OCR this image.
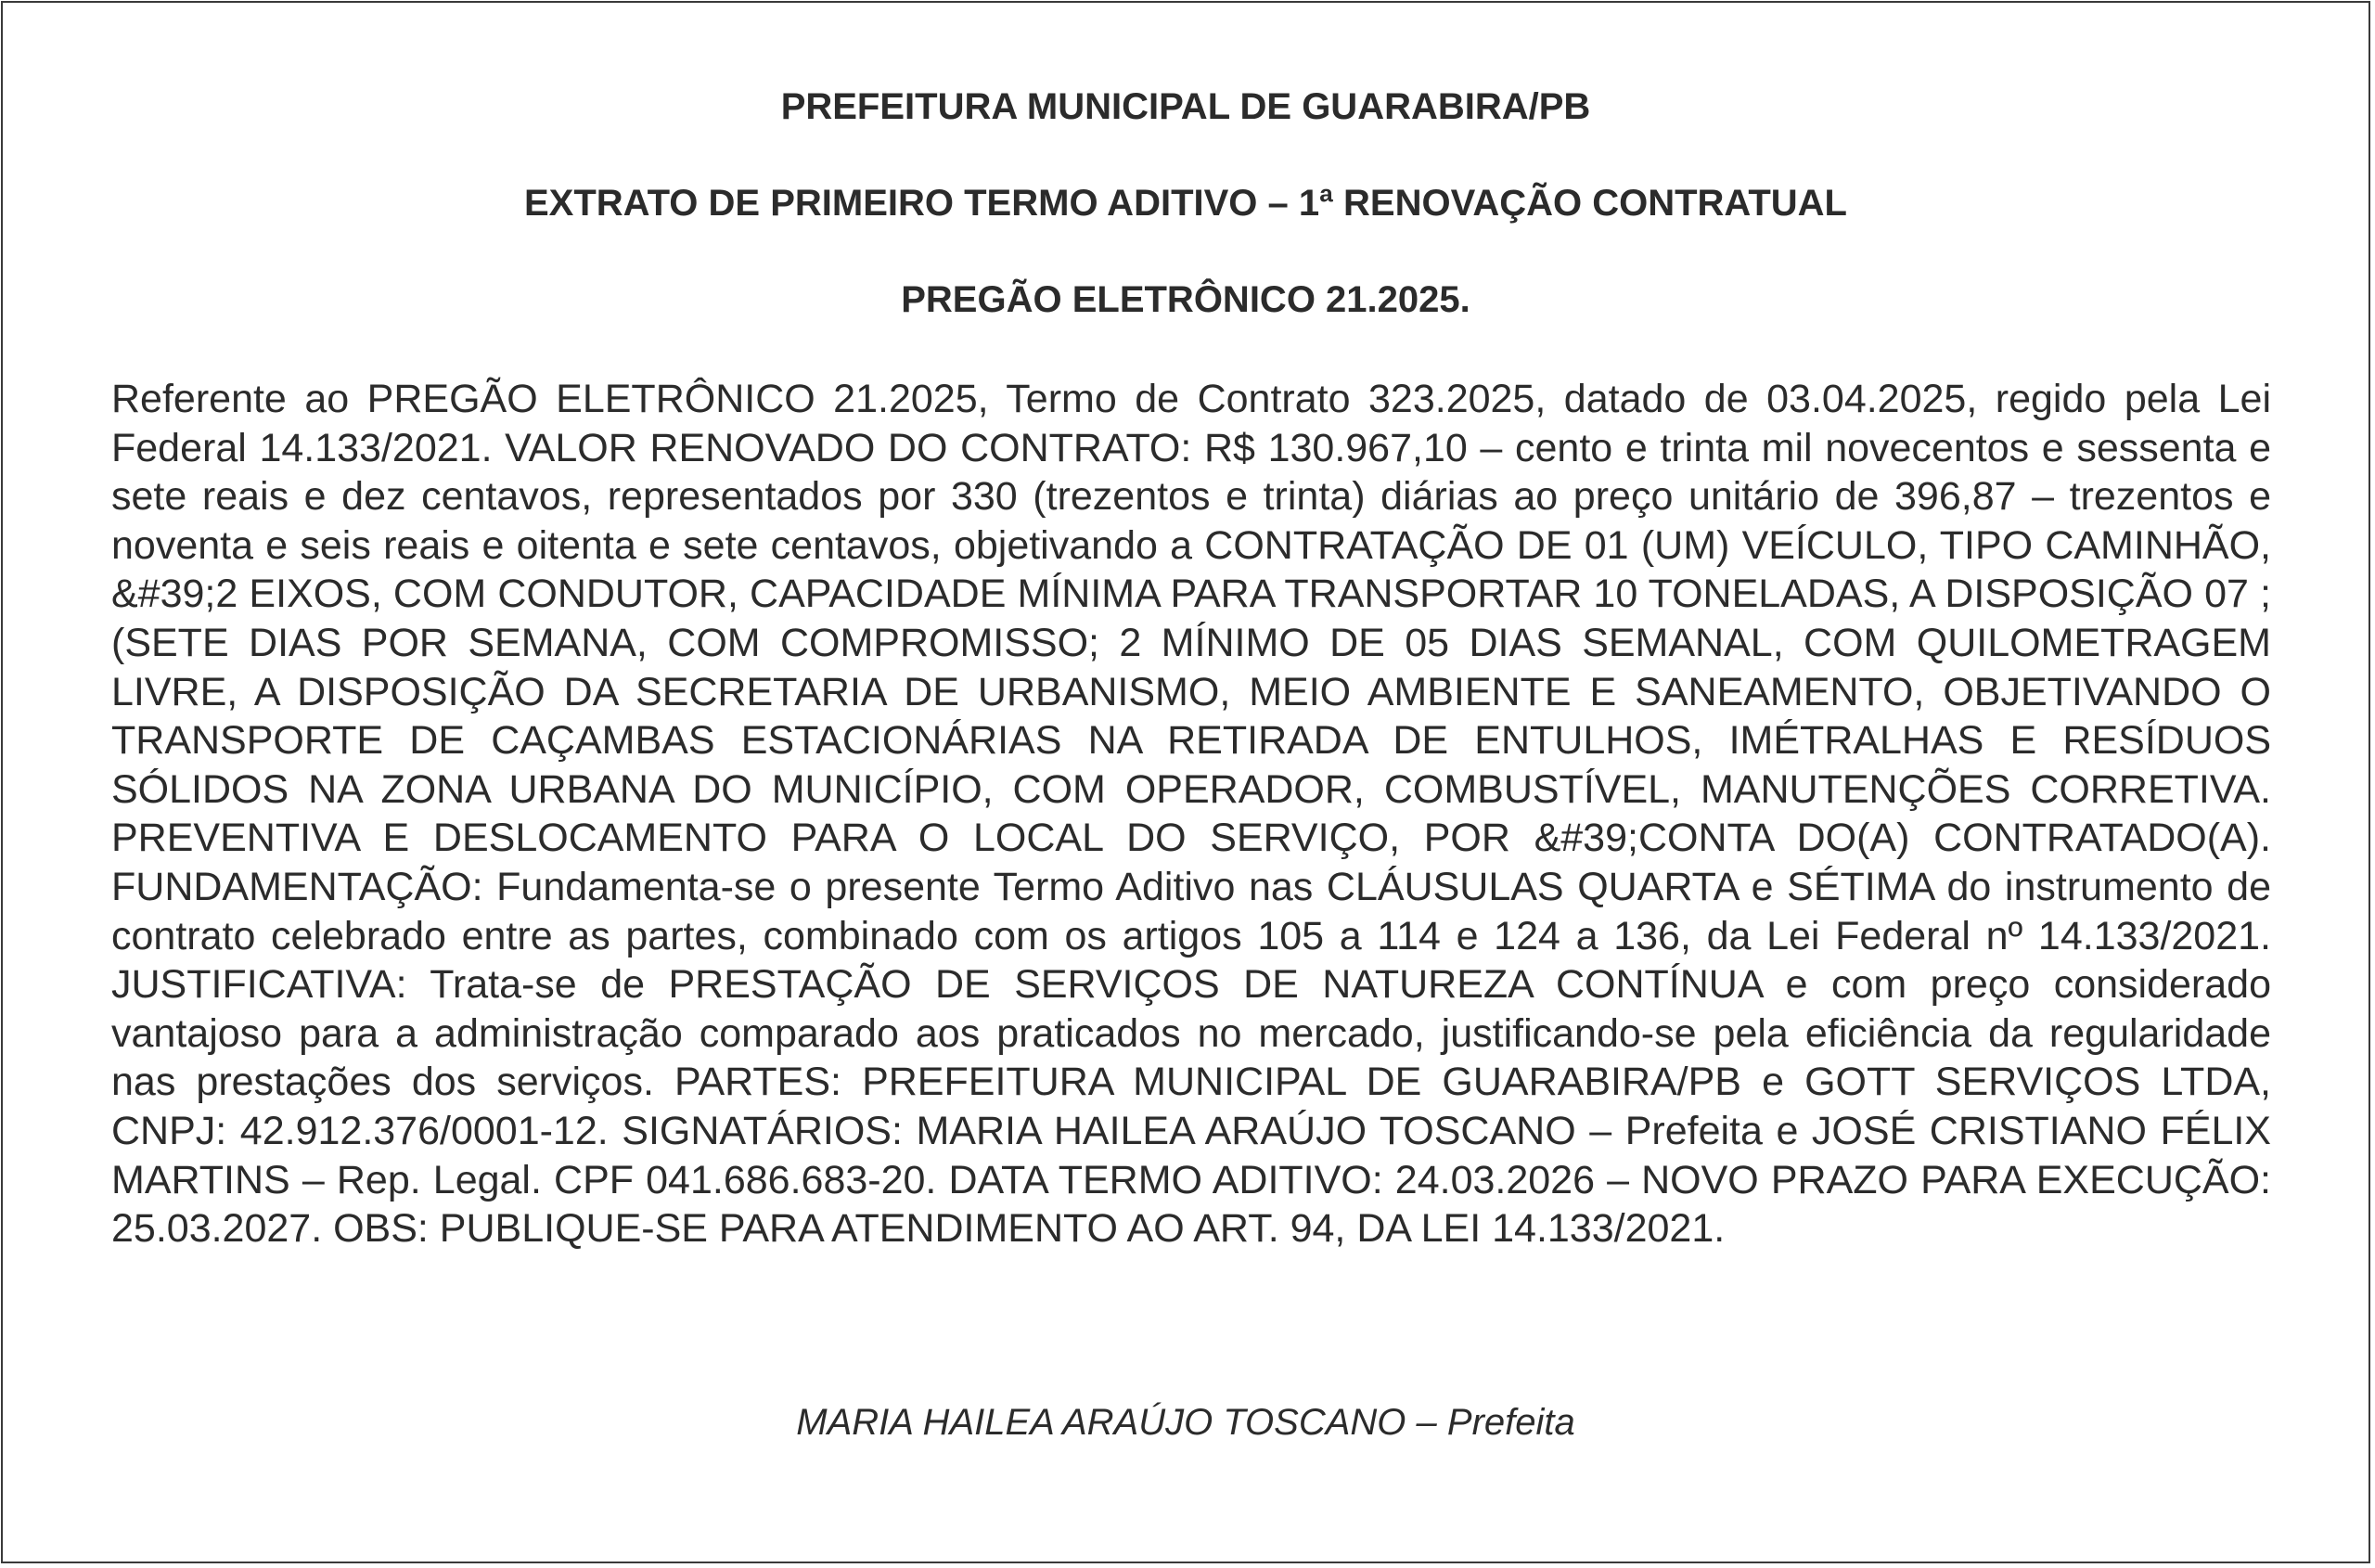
PREFEITURA MUNICIPAL DE GUARABIRA/PB
EXTRATO DE PRIMEIRO TERMO ADITIVO – 1ª RENOVAÇÃO CONTRATUAL
PREGÃO ELETRÔNICO 21.2025.

Referente ao PREGÃO ELETRÔNICO 21.2025, Termo de Contrato 323.2025, datado de 03.04.2025, regido pela Lei Federal 14.133/2021. VALOR RENOVADO DO CONTRATO: R$ 130.967,10 – cento e trinta mil novecentos e sessenta e sete reais e dez centavos, representados por 330 (trezentos e trinta) diárias ao preço unitário de 396,87 – trezentos e noventa e seis reais e oitenta e sete centavos, objetivando a CONTRATAÇÃO DE 01 (UM) VEÍCULO, TIPO CAMINHÃO, &#39;2 EIXOS, COM CONDUTOR, CAPACIDADE MÍNIMA PARA TRANSPORTAR 10 TONELADAS, A DISPOSIÇÃO 07 ;(SETE DIAS POR SEMANA, COM COMPROMISSO; 2 MÍNIMO DE 05 DIAS SEMANAL, COM QUILOMETRAGEM LIVRE, A DISPOSIÇÃO DA SECRETARIA DE URBANISMO, MEIO AMBIENTE E SANEAMENTO, OBJETIVANDO O TRANSPORTE DE CAÇAMBAS ESTACIONÁRIAS NA RETIRADA DE ENTULHOS, IMÉTRALHAS E RESÍDUOS SÓLIDOS NA ZONA URBANA DO MUNICÍPIO, COM OPERADOR, COMBUSTÍVEL, MANUTENÇÕES CORRETIVA. PREVENTIVA E DESLOCAMENTO PARA O LOCAL DO SERVIÇO, POR &#39;CONTA DO(A) CONTRATADO(A). FUNDAMENTAÇÃO: Fundamenta-se o presente Termo Aditivo nas CLÁUSULAS QUARTA e SÉTIMA do instrumento de contrato celebrado entre as partes, combinado com os artigos 105 a 114 e 124 a 136, da Lei Federal nº 14.133/2021. JUSTIFICATIVA: Trata-se de PRESTAÇÃO DE SERVIÇOS DE NATUREZA CONTÍNUA e com preço considerado vantajoso para a administração comparado aos praticados no mercado, justificando-se pela eficiência da regularidade nas prestações dos serviços. PARTES: PREFEITURA MUNICIPAL DE GUARABIRA/PB e GOTT SERVIÇOS LTDA, CNPJ: 42.912.376/0001-12. SIGNATÁRIOS: MARIA HAILEA ARAÚJO TOSCANO – Prefeita e JOSÉ CRISTIANO FÉLIX MARTINS – Rep. Legal. CPF 041.686.683-20. DATA TERMO ADITIVO: 24.03.2026 – NOVO PRAZO PARA EXECUÇÃO: 25.03.2027. OBS: PUBLIQUE-SE PARA ATENDIMENTO AO ART. 94, DA LEI 14.133/2021.

MARIA HAILEA ARAÚJO TOSCANO – Prefeita
